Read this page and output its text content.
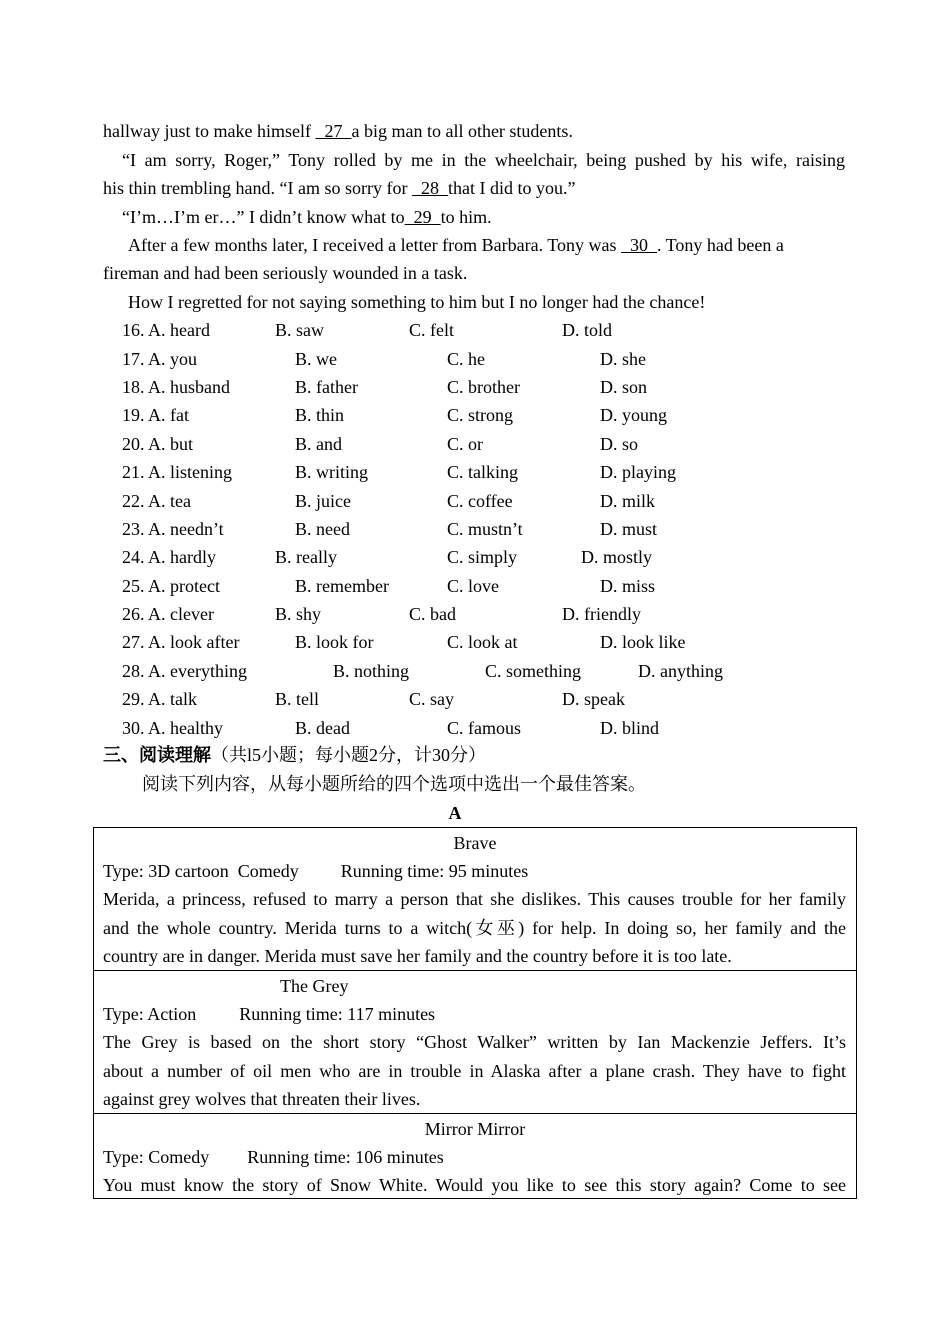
hallway just to make himself   27 a big man to all other students.
“I am sorry, Roger,” Tony rolled by me in the wheelchair, being pushed by his wife, raising
his thin trembling hand. “I am so sorry for   28 that I did to you.”
“I’m…I’m er…” I didn’t know what to 29 to him.
After a few months later, I received a letter from Barbara. Tony was   30 . Tony had been a
fireman and had been seriously wounded in a task.
How I regretted for not saying something to him but I no longer had the chance!
16. A. heard	B. saw	C. felt	D. told
17. A. you	B. we	C. he	D. she
18. A. husband	B. father	C. brother	D. son
19. A. fat	B. thin	C. strong	D. young
20. A. but	B. and	C. or	D. so
21. A. listening	B. writing	C. talking	D. playing
22. A. tea	B. juice	C. coffee	D. milk
23. A. needn’t	B. need	C. mustn’t	D. must
24. A. hardly	B. really	C. simply	D. mostly
25. A. protect	B. remember	C. love	D. miss
26. A. clever	B. shy	C. bad	D. friendly
27. A. look after	B. look for	C. look at	D. look like
28. A. everything	B. nothing	C. something	D. anything
29. A. talk	B. tell	C. say	D. speak
30. A. healthy	B. dead	C. famous	D. blind
三、阅读理解（共l5小题；每小题2分，计30分）
阅读下列内容，从每小题所给的四个选项中选出一个最佳答案。
A
Brave
Type: 3D cartoon  Comedy Running time: 95 minutes
Merida, a princess, refused to marry a person that she dislikes. This causes trouble for her family
and the whole country. Merida turns to a witch(女巫) for help. In doing so, her family and the
country are in danger. Merida must save her family and the country before it is too late.
The Grey
Type: Action Running time: 117 minutes
The Grey is based on the short story “Ghost Walker” written by Ian Mackenzie Jeffers. It’s
about a number of oil men who are in trouble in Alaska after a plane crash. They have to fight
against grey wolves that threaten their lives.
Mirror Mirror
Type: Comedy Running time: 106 minutes
You must know the story of Snow White. Would you like to see this story again? Come to see
